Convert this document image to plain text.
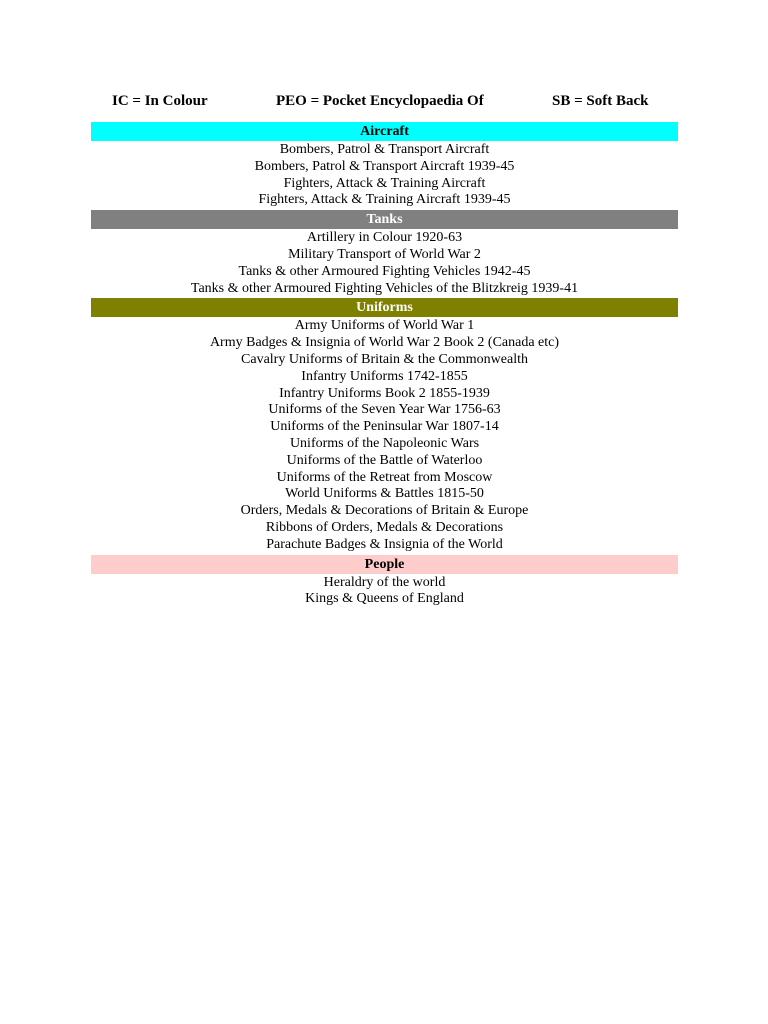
IC = In Colour	PEO = Pocket Encyclopaedia Of	SB = Soft Back
Aircraft
Bombers, Patrol & Transport Aircraft
Bombers, Patrol & Transport Aircraft 1939-45
Fighters, Attack & Training Aircraft
Fighters, Attack & Training Aircraft 1939-45
Tanks
Artillery in Colour 1920-63
Military Transport of World War 2
Tanks & other Armoured Fighting Vehicles 1942-45
Tanks & other Armoured Fighting Vehicles of the Blitzkreig 1939-41
Uniforms
Army Uniforms of World War 1
Army Badges & Insignia of World War 2 Book 2 (Canada etc)
Cavalry Uniforms of Britain & the Commonwealth
Infantry Uniforms 1742-1855
Infantry Uniforms Book 2 1855-1939
Uniforms of the Seven Year War 1756-63
Uniforms of the Peninsular War 1807-14
Uniforms of the Napoleonic Wars
Uniforms of the Battle of Waterloo
Uniforms of the Retreat from Moscow
World Uniforms & Battles 1815-50
Orders, Medals & Decorations of Britain & Europe
Ribbons of Orders, Medals & Decorations
Parachute Badges & Insignia of the World
People
Heraldry of the world
Kings & Queens of England
